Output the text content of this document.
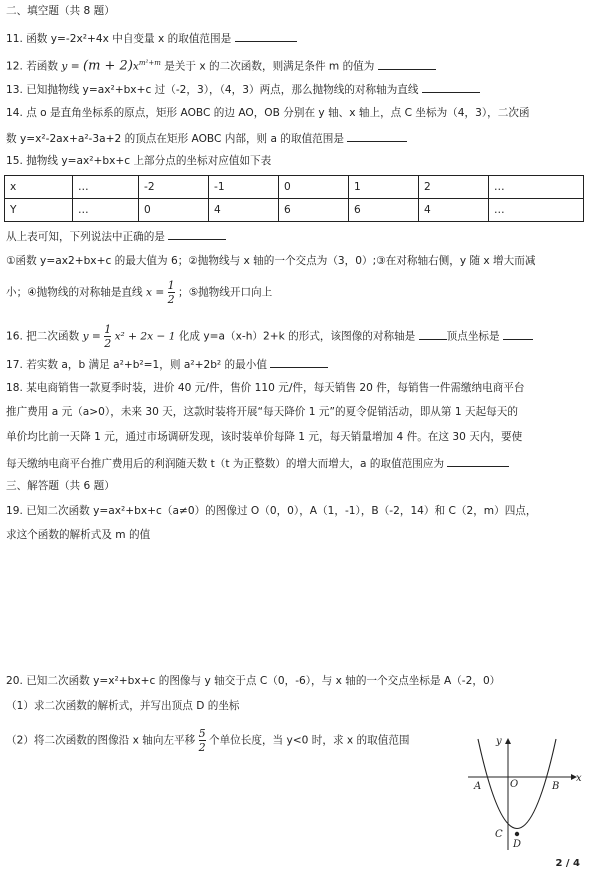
二、填空题（共 8 题）
11. 函数 y=-2x²+4x 中自变量 x 的取值范围是
12. 若函数 $y = (m + 2)x^{m^2+m}$ 是关于 x 的二次函数，则满足条件 m 的值为
13. 已知抛物线 y=ax²+bx+c 过（-2，3），（4，3）两点，那么抛物线的对称轴为直线
14. 点 o 是直角坐标系的原点，矩形 AOBC 的边 AO，OB 分别在 y 轴、x 轴上，点 C 坐标为（4，3），二次函
数 y=x²-2ax+a²-3a+2 的顶点在矩形 AOBC 内部，则 a 的取值范围是
15. 抛物线 y=ax²+bx+c 上部分点的坐标对应值如下表
x	…	-2	-1	0	1	2	…
Y	…	0	4	6	6	4	…
从上表可知，下列说法中正确的是
①函数 y=ax2+bx+c 的最大值为 6；②抛物线与 x 轴的一个交点为（3，0）;③在对称轴右侧，y 随 x 增大而减
小；④抛物线的对称轴是直线 $x = \frac{1}{2}$ ；⑤抛物线开口向上
16. 把二次函数 $y = \frac{1}{2} x^2 + 2x - 1$ 化成 y=a（x-h）2+k 的形式，该图像的对称轴是	顶点坐标是
17. 若实数 a，b 满足 a²+b²=1，则 a²+2b² 的最小值
18. 某电商销售一款夏季时装，进价 40 元/件，售价 110 元/件，每天销售 20 件，每销售一件需缴纳电商平台
推广费用 a 元（a>0），未来 30 天，这款时装将开展“每天降价 1 元”的夏令促销活动，即从第 1 天起每天的
单价均比前一天降 1 元，通过市场调研发现，该时装单价每降 1 元，每天销量增加 4 件。在这 30 天内，要使
每天缴纳电商平台推广费用后的利润随天数 t（t 为正整数）的增大而增大，a 的取值范围应为
三、解答题（共 6 题）
19. 已知二次函数 y=ax²+bx+c（a≠0）的图像过 O（0，0），A（1，-1），B（-2，14）和 C（2，m）四点，
求这个函数的解析式及 m 的值
20. 已知二次函数 y=x²+bx+c 的图像与 y 轴交于点 C（0，-6），与 x 轴的一个交点坐标是 A（-2，0）
（1）求二次函数的解析式，并写出顶点 D 的坐标
（2）将二次函数的图像沿 x 轴向左平移 $\frac{5}{2}$ 个单位长度，当 y<0 时，求 x 的取值范围	y
x
A	O	B
C
D
2 / 4
